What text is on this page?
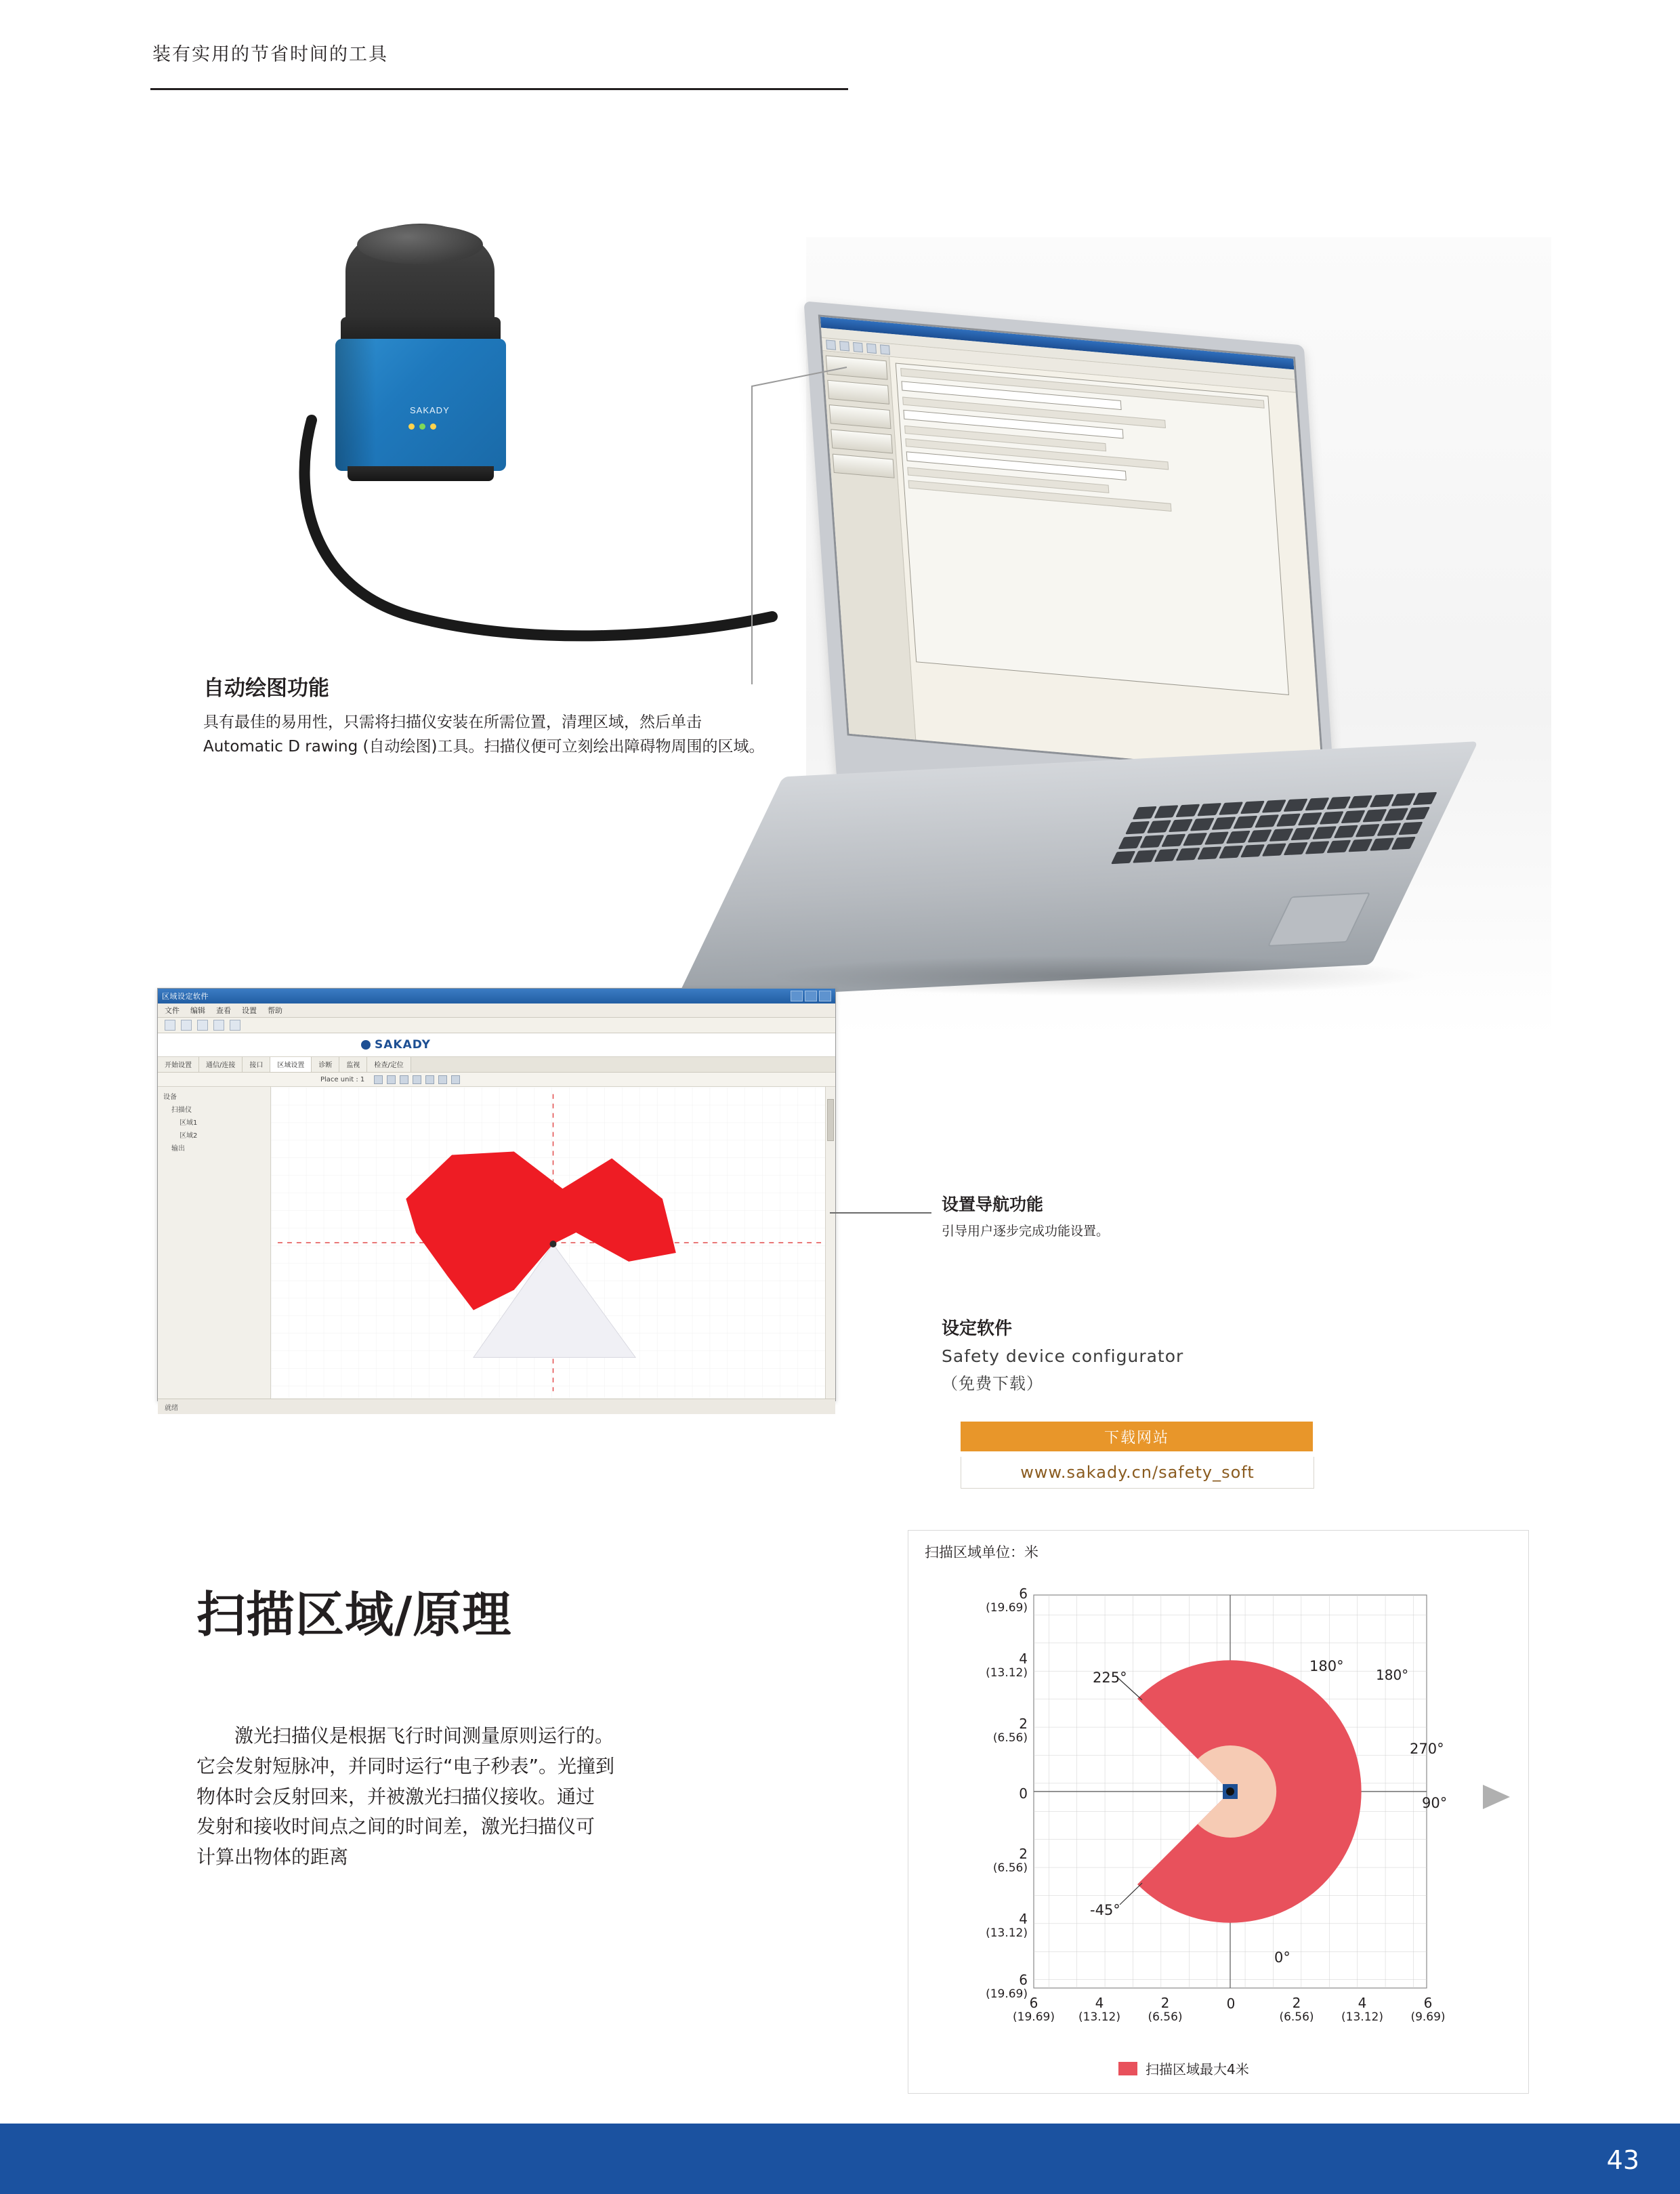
装有实用的节省时间的工具
SAKADY
自动绘图功能

具有最佳的易用性，只需将扫描仪安装在所需位置，清理区域，然后单击Automatic D rawing (自动绘图)工具。扫描仪便可立刻绘出障碍物周围的区域。

区域设定软件
文件 编辑 查看 设置 帮助
SAKADY
开始设置	通信/连接	接口	区域设置	诊断	监视	检查/定位
Place unit : 1
设备
扫描仪
区域1
区域2
输出
就绪
设置导航功能

引导用户逐步完成功能设置。

设定软件
Safety device configurator
（免费下载）
下载网站
www.sakady.cn/safety_soft
扫描区域/原理
激光扫描仪是根据飞行时间测量原则运行的。
它会发射短脉冲，并同时运行“电子秒表”。光撞到
物体时会反射回来，并被激光扫描仪接收。通过
发射和接收时间点之间的时间差，激光扫描仪可
计算出物体的距离
扫描区域单位：米
180°
180°
225°
270°
90°
-45°
0°
6
(19.69)
4
(13.12)
2
(6.56)
0
2
(6.56)
4
(13.12)
6
(19.69)
6
(19.69)
4
(13.12)
2
(6.56)
0	2
(6.56)
4
(13.12)
6
(9.69)
扫描区域最大4米
43
